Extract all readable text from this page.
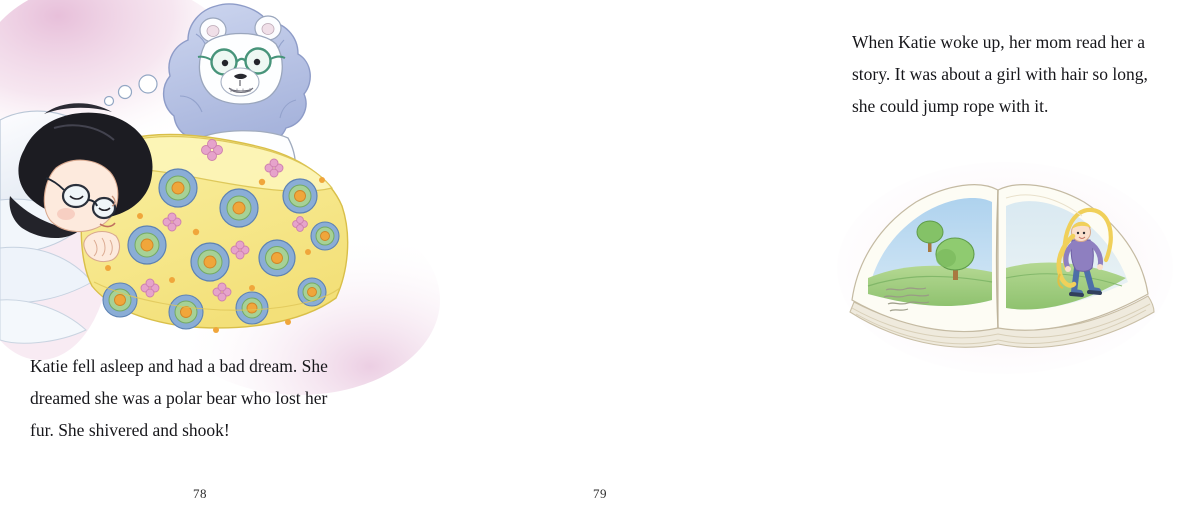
Katie fell asleep and had a bad dream. She dreamed she was a polar bear who lost her fur. She shivered and shook!
78
When Katie woke up, her mom read her a story. It was about a girl with hair so long, she could jump rope with it.
79
